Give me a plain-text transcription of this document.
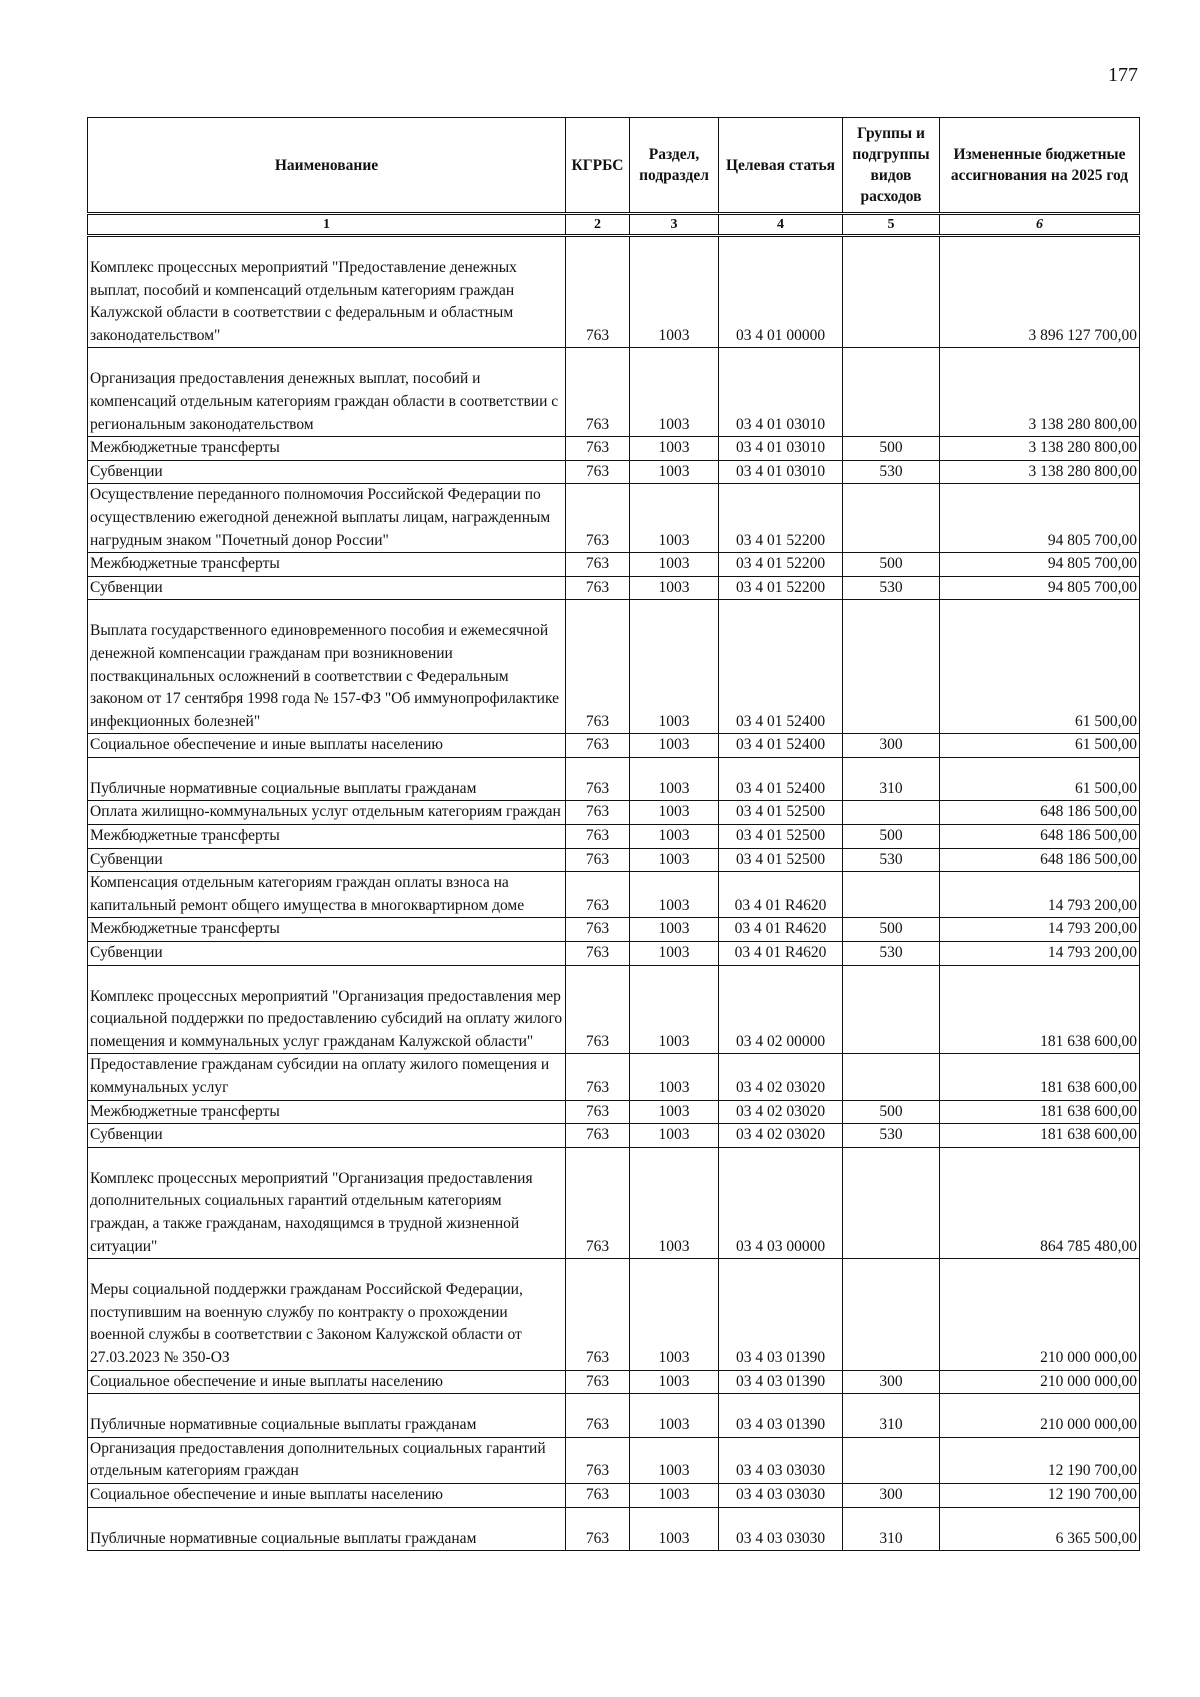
177
Наименование	КГРБС	Раздел, подраздел	Целевая статья	Группы и подгруппы видов расходов	Измененные бюджетные ассигнования на 2025 год
1	2	3	4	5	6
Комплекс процессных мероприятий "Предоставление денежных выплат, пособий и компенсаций отдельным категориям граждан Калужской области в соответствии с федеральным и областным законодательством"	763	1003	03 4 01 00000		3 896 127 700,00
Организация предоставления денежных выплат, пособий и компенсаций отдельным категориям граждан области в соответствии с региональным законодательством	763	1003	03 4 01 03010		3 138 280 800,00
Межбюджетные трансферты	763	1003	03 4 01 03010	500	3 138 280 800,00
Субвенции	763	1003	03 4 01 03010	530	3 138 280 800,00
Осуществление переданного полномочия Российской Федерации по осуществлению ежегодной денежной выплаты лицам, награжденным нагрудным знаком "Почетный донор России"	763	1003	03 4 01 52200		94 805 700,00
Межбюджетные трансферты	763	1003	03 4 01 52200	500	94 805 700,00
Субвенции	763	1003	03 4 01 52200	530	94 805 700,00
Выплата государственного единовременного пособия и ежемесячной денежной компенсации гражданам при возникновении поствакцинальных осложнений в соответствии с Федеральным законом от 17 сентября 1998 года № 157-ФЗ "Об иммунопрофилактике инфекционных болезней"	763	1003	03 4 01 52400		61 500,00
Социальное обеспечение и иные выплаты населению	763	1003	03 4 01 52400	300	61 500,00
Публичные нормативные социальные выплаты гражданам	763	1003	03 4 01 52400	310	61 500,00
Оплата жилищно-коммунальных услуг отдельным категориям граждан	763	1003	03 4 01 52500		648 186 500,00
Межбюджетные трансферты	763	1003	03 4 01 52500	500	648 186 500,00
Субвенции	763	1003	03 4 01 52500	530	648 186 500,00
Компенсация отдельным категориям граждан оплаты взноса на капитальный ремонт общего имущества в многоквартирном доме	763	1003	03 4 01 R4620		14 793 200,00
Межбюджетные трансферты	763	1003	03 4 01 R4620	500	14 793 200,00
Субвенции	763	1003	03 4 01 R4620	530	14 793 200,00
Комплекс процессных мероприятий "Организация предоставления мер социальной поддержки по предоставлению субсидий на оплату жилого помещения и коммунальных услуг гражданам Калужской области"	763	1003	03 4 02 00000		181 638 600,00
Предоставление гражданам субсидии на оплату жилого помещения и коммунальных услуг	763	1003	03 4 02 03020		181 638 600,00
Межбюджетные трансферты	763	1003	03 4 02 03020	500	181 638 600,00
Субвенции	763	1003	03 4 02 03020	530	181 638 600,00
Комплекс процессных мероприятий "Организация предоставления дополнительных социальных гарантий отдельным категориям граждан, а также гражданам, находящимся в трудной жизненной ситуации"	763	1003	03 4 03 00000		864 785 480,00
Меры социальной поддержки гражданам Российской Федерации, поступившим на военную службу по контракту о прохождении военной службы в соответствии с Законом Калужской области от 27.03.2023 № 350-ОЗ	763	1003	03 4 03 01390		210 000 000,00
Социальное обеспечение и иные выплаты населению	763	1003	03 4 03 01390	300	210 000 000,00
Публичные нормативные социальные выплаты гражданам	763	1003	03 4 03 01390	310	210 000 000,00
Организация предоставления дополнительных социальных гарантий отдельным категориям граждан	763	1003	03 4 03 03030		12 190 700,00
Социальное обеспечение и иные выплаты населению	763	1003	03 4 03 03030	300	12 190 700,00
Публичные нормативные социальные выплаты гражданам	763	1003	03 4 03 03030	310	6 365 500,00
